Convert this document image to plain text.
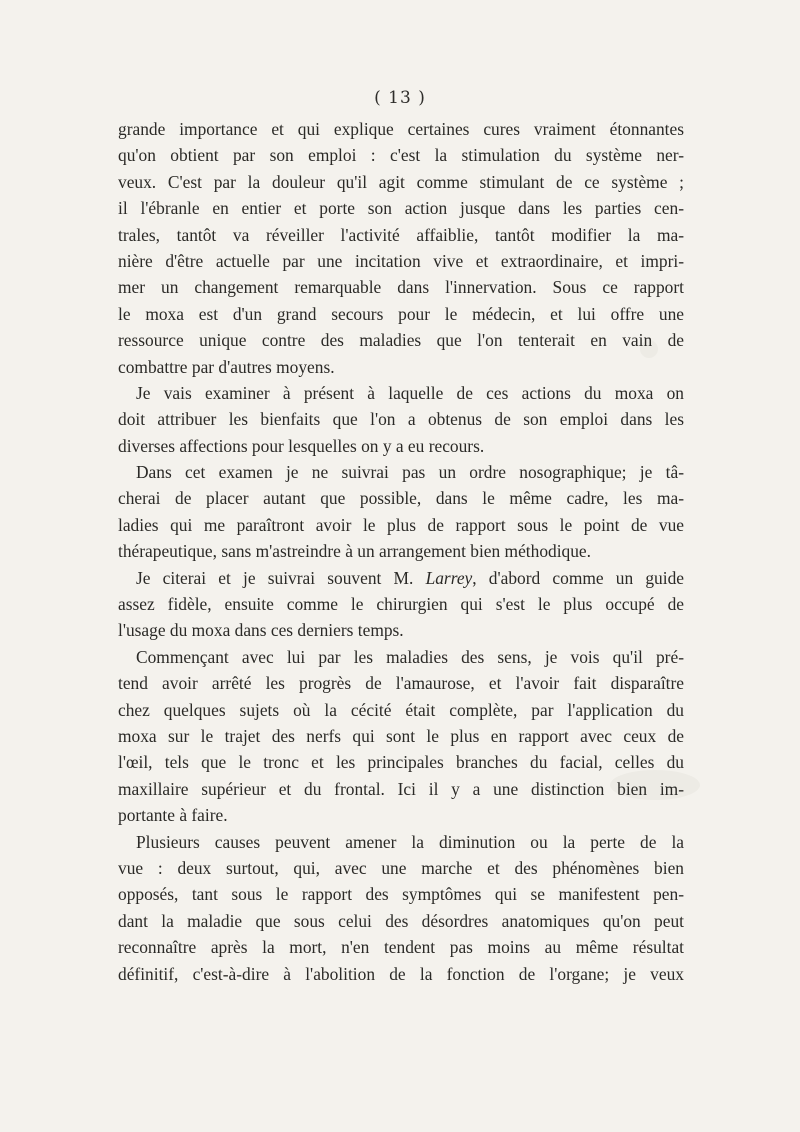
( 13 )
grande importance et qui explique certaines cures vraiment étonnantes
qu'on obtient par son emploi : c'est la stimulation du système ner-
veux. C'est par la douleur qu'il agit comme stimulant de ce système ;
il l'ébranle en entier et porte son action jusque dans les parties cen-
trales, tantôt va réveiller l'activité affaiblie, tantôt modifier la ma-
nière d'être actuelle par une incitation vive et extraordinaire, et impri-
mer un changement remarquable dans l'innervation. Sous ce rapport
le moxa est d'un grand secours pour le médecin, et lui offre une
ressource unique contre des maladies que l'on tenterait en vain de
combattre par d'autres moyens.
Je vais examiner à présent à laquelle de ces actions du moxa on
doit attribuer les bienfaits que l'on a obtenus de son emploi dans les
diverses affections pour lesquelles on y a eu recours.
Dans cet examen je ne suivrai pas un ordre nosographique; je tâ-
cherai de placer autant que possible, dans le même cadre, les ma-
ladies qui me paraîtront avoir le plus de rapport sous le point de vue
thérapeutique, sans m'astreindre à un arrangement bien méthodique.
Je citerai et je suivrai souvent M. Larrey, d'abord comme un guide
assez fidèle, ensuite comme le chirurgien qui s'est le plus occupé de
l'usage du moxa dans ces derniers temps.
Commençant avec lui par les maladies des sens, je vois qu'il pré-
tend avoir arrêté les progrès de l'amaurose, et l'avoir fait disparaître
chez quelques sujets où la cécité était complète, par l'application du
moxa sur le trajet des nerfs qui sont le plus en rapport avec ceux de
l'œil, tels que le tronc et les principales branches du facial, celles du
maxillaire supérieur et du frontal. Ici il y a une distinction bien im-
portante à faire.
Plusieurs causes peuvent amener la diminution ou la perte de la
vue : deux surtout, qui, avec une marche et des phénomènes bien
opposés, tant sous le rapport des symptômes qui se manifestent pen-
dant la maladie que sous celui des désordres anatomiques qu'on peut
reconnaître après la mort, n'en tendent pas moins au même résultat
définitif, c'est-à-dire à l'abolition de la fonction de l'organe; je veux
